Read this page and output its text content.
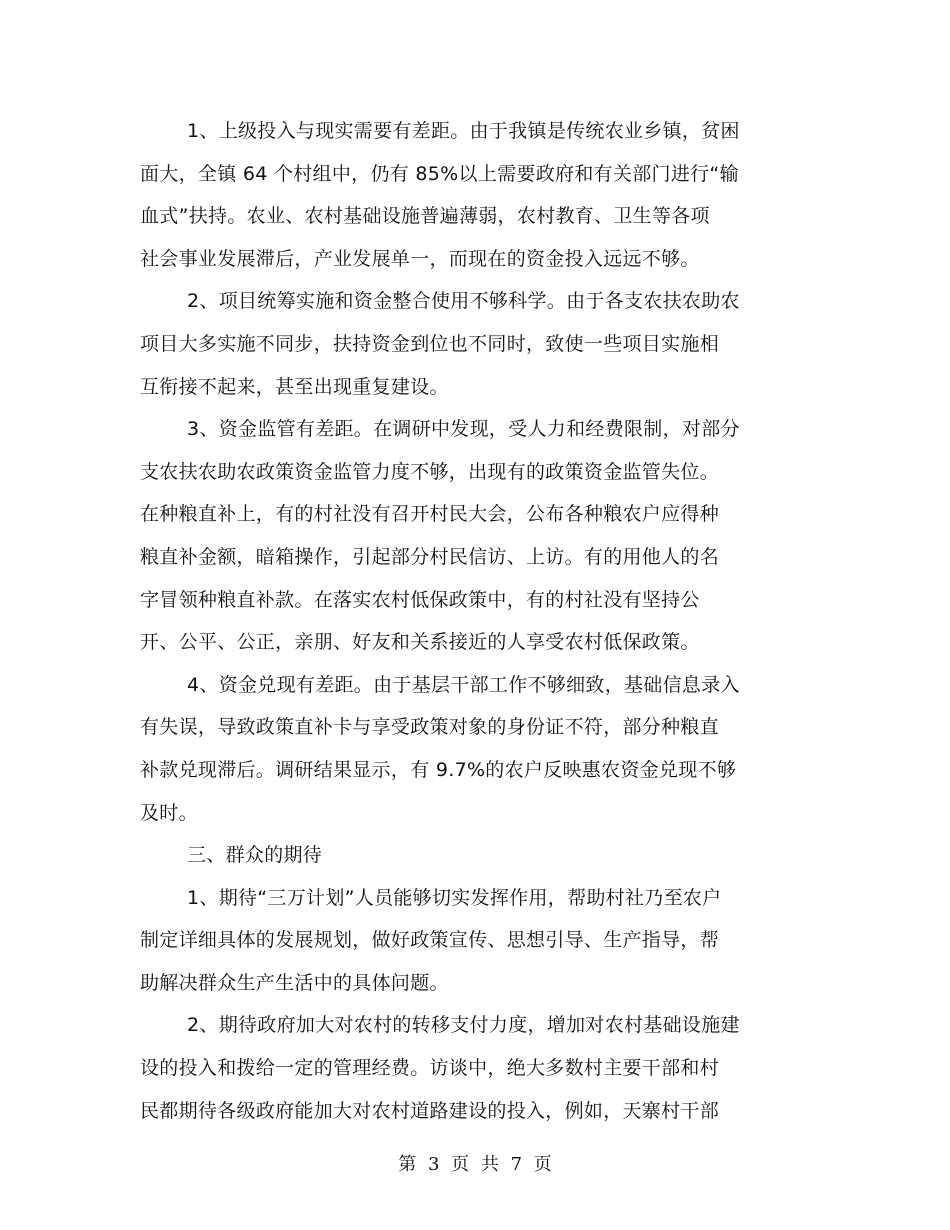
1、上级投入与现实需要有差距。由于我镇是传统农业乡镇，贫困
面大，全镇 64 个村组中，仍有 85%以上需要政府和有关部门进行“输
血式”扶持。农业、农村基础设施普遍薄弱，农村教育、卫生等各项
社会事业发展滞后，产业发展单一，而现在的资金投入远远不够。
2、项目统筹实施和资金整合使用不够科学。由于各支农扶农助农
项目大多实施不同步，扶持资金到位也不同时，致使一些项目实施相
互衔接不起来，甚至出现重复建设。
3、资金监管有差距。在调研中发现，受人力和经费限制，对部分
支农扶农助农政策资金监管力度不够，出现有的政策资金监管失位。
在种粮直补上，有的村社没有召开村民大会，公布各种粮农户应得种
粮直补金额，暗箱操作，引起部分村民信访、上访。有的用他人的名
字冒领种粮直补款。在落实农村低保政策中，有的村社没有坚持公
开、公平、公正，亲朋、好友和关系接近的人享受农村低保政策。
4、资金兑现有差距。由于基层干部工作不够细致，基础信息录入
有失误，导致政策直补卡与享受政策对象的身份证不符，部分种粮直
补款兑现滞后。调研结果显示，有 9.7%的农户反映惠农资金兑现不够
及时。
三、群众的期待
1、期待“三万计划”人员能够切实发挥作用，帮助村社乃至农户
制定详细具体的发展规划，做好政策宣传、思想引导、生产指导，帮
助解决群众生产生活中的具体问题。
2、期待政府加大对农村的转移支付力度，增加对农村基础设施建
设的投入和拨给一定的管理经费。访谈中，绝大多数村主要干部和村
民都期待各级政府能加大对农村道路建设的投入，例如，天寨村干部
第 3 页 共 7 页
